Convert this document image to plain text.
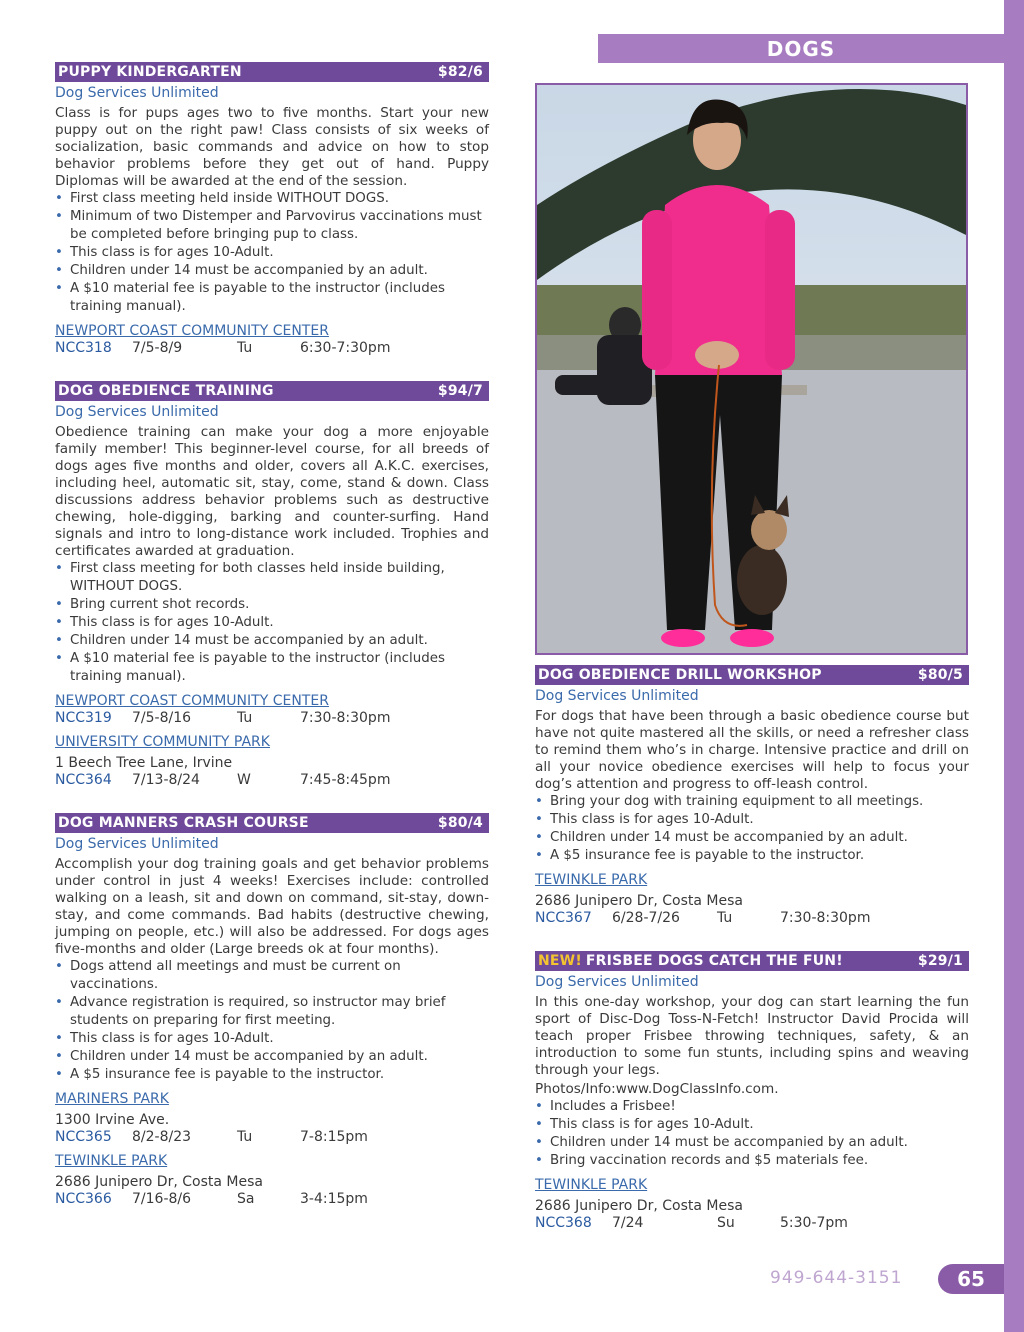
DOGS
PUPPY KINDERGARTEN	$82/6
Dog Services Unlimited
Class is for pups ages two to five months. Start your new puppy out on the right paw! Class consists of six weeks of socialization, basic commands and advice on how to stop behavior problems before they get out of hand. Puppy Diplomas will be awarded at the end of the session.
• First class meeting held inside WITHOUT DOGS.
• Minimum of two Distemper and Parvovirus vaccinations must be completed before bringing pup to class.
• This class is for ages 10-Adult.
• Children under 14 must be accompanied by an adult.
• A $10 material fee is payable to the instructor (includes training manual).
NEWPORT COAST COMMUNITY CENTER
NCC318	7/5-8/9	Tu	6:30-7:30pm
DOG OBEDIENCE TRAINING	$94/7
Dog Services Unlimited
Obedience training can make your dog a more enjoyable family member! This beginner-level course, for all breeds of dogs ages five months and older, covers all A.K.C. exercises, including heel, automatic sit, stay, come, stand & down. Class discussions address behavior problems such as destructive chewing, hole-digging, barking and counter-surfing. Hand signals and intro to long-distance work included. Trophies and certificates awarded at graduation.
• First class meeting for both classes held inside building, WITHOUT DOGS.
• Bring current shot records.
• This class is for ages 10-Adult.
• Children under 14 must be accompanied by an adult.
• A $10 material fee is payable to the instructor (includes training manual).
NEWPORT COAST COMMUNITY CENTER
NCC319	7/5-8/16	Tu	7:30-8:30pm
UNIVERSITY COMMUNITY PARK
1 Beech Tree Lane, Irvine
NCC364	7/13-8/24	W	7:45-8:45pm
DOG MANNERS CRASH COURSE	$80/4
Dog Services Unlimited
Accomplish your dog training goals and get behavior problems under control in just 4 weeks! Exercises include: controlled walking on a leash, sit and down on command, sit-stay, down-stay, and come commands. Bad habits (destructive chewing, jumping on people, etc.) will also be addressed. For dogs ages five-months and older (Large breeds ok at four months).
• Dogs attend all meetings and must be current on vaccinations.
• Advance registration is required, so instructor may brief students on preparing for first meeting.
• This class is for ages 10-Adult.
• Children under 14 must be accompanied by an adult.
• A $5 insurance fee is payable to the instructor.
MARINERS PARK
1300 Irvine Ave.
NCC365	8/2-8/23	Tu	7-8:15pm
TEWINKLE PARK
2686 Junipero Dr, Costa Mesa
NCC366	7/16-8/6	Sa	3-4:15pm
DOG OBEDIENCE DRILL WORKSHOP	$80/5
Dog Services Unlimited
For dogs that have been through a basic obedience course but have not quite mastered all the skills, or need a refresher class to remind them who’s in charge. Intensive practice and drill on all your novice obedience exercises will help to focus your dog’s attention and progress to off-leash control.
• Bring your dog with training equipment to all meetings.
• This class is for ages 10-Adult.
• Children under 14 must be accompanied by an adult.
• A $5 insurance fee is payable to the instructor.
TEWINKLE PARK
2686 Junipero Dr, Costa Mesa
NCC367	6/28-7/26	Tu	7:30-8:30pm
NEW! FRISBEE DOGS CATCH THE FUN!	$29/1
Dog Services Unlimited
In this one-day workshop, your dog can start learning the fun sport of Disc-Dog Toss-N-Fetch! Instructor David Procida will teach proper Frisbee throwing techniques, safety, & an introduction to some fun stunts, including spins and weaving through your legs.
Photos/Info:www.DogClassInfo.com.
• Includes a Frisbee!
• This class is for ages 10-Adult.
• Children under 14 must be accompanied by an adult.
• Bring vaccination records and $5 materials fee.
TEWINKLE PARK
2686 Junipero Dr, Costa Mesa
NCC368	7/24	Su	5:30-7pm
949-644-3151	65
